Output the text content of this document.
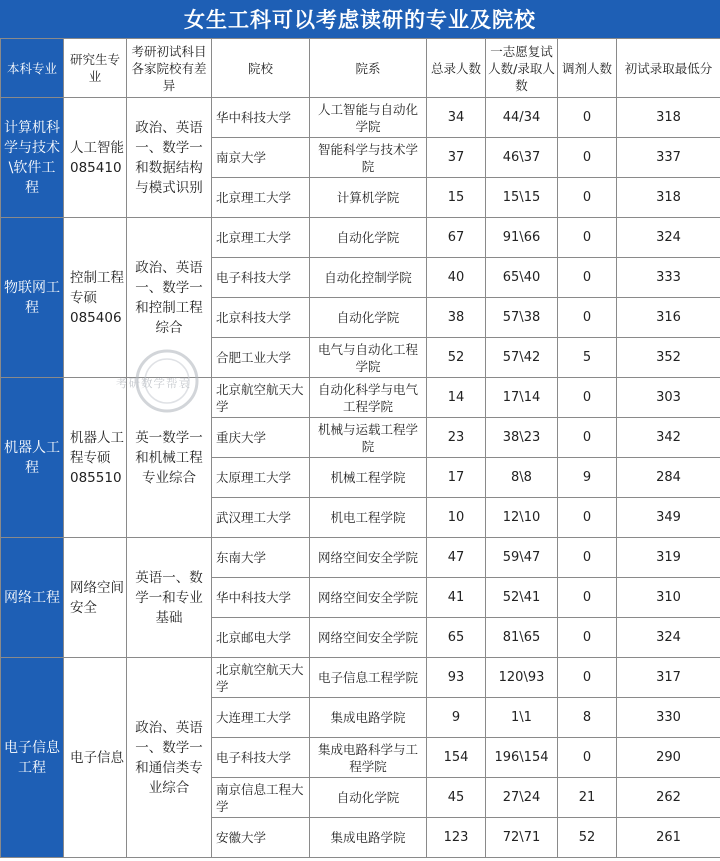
女生工科可以考虑读研的专业及院校
本科专业	研究生专业	考研初试科目各家院校有差异	院校	院系	总录人数	一志愿复试人数/录取人数	调剂人数	初试录取最低分
计算机科学与技术\软件工程	人工智能085410	政治、英语一、数学一和数据结构与模式识别	华中科技大学	人工智能与自动化学院	34	44/34	0	318
			南京大学	智能科学与技术学院	37	46\37	0	337
			北京理工大学	计算机学院	15	15\15	0	318
物联网工程	控制工程专硕085406	政治、英语一、数学一和控制工程综合	北京理工大学	自动化学院	67	91\66	0	324
			电子科技大学	自动化控制学院	40	65\40	0	333
			北京科技大学	自动化学院	38	57\38	0	316
			合肥工业大学	电气与自动化工程学院	52	57\42	5	352
机器人工程	机器人工程专硕085510	英一数学一和机械工程专业综合	北京航空航天大学	自动化科学与电气工程学院	14	17\14	0	303
			重庆大学	机械与运载工程学院	23	38\23	0	342
			太原理工大学	机械工程学院	17	8\8	9	284
			武汉理工大学	机电工程学院	10	12\10	0	349
网络工程	网络空间安全	英语一、数学一和专业基础	东南大学	网络空间安全学院	47	59\47	0	319
			华中科技大学	网络空间安全学院	41	52\41	0	310
			北京邮电大学	网络空间安全学院	65	81\65	0	324
电子信息工程	电子信息	政治、英语一、数学一和通信类专业综合	北京航空航天大学	电子信息工程学院	93	120\93	0	317
			大连理工大学	集成电路学院	9	1\1	8	330
			电子科技大学	集成电路科学与工程学院	154	196\154	0	290
			南京信息工程大学	自动化学院	45	27\24	21	262
			安徽大学	集成电路学院	123	72\71	52	261
考研数学帮袁
